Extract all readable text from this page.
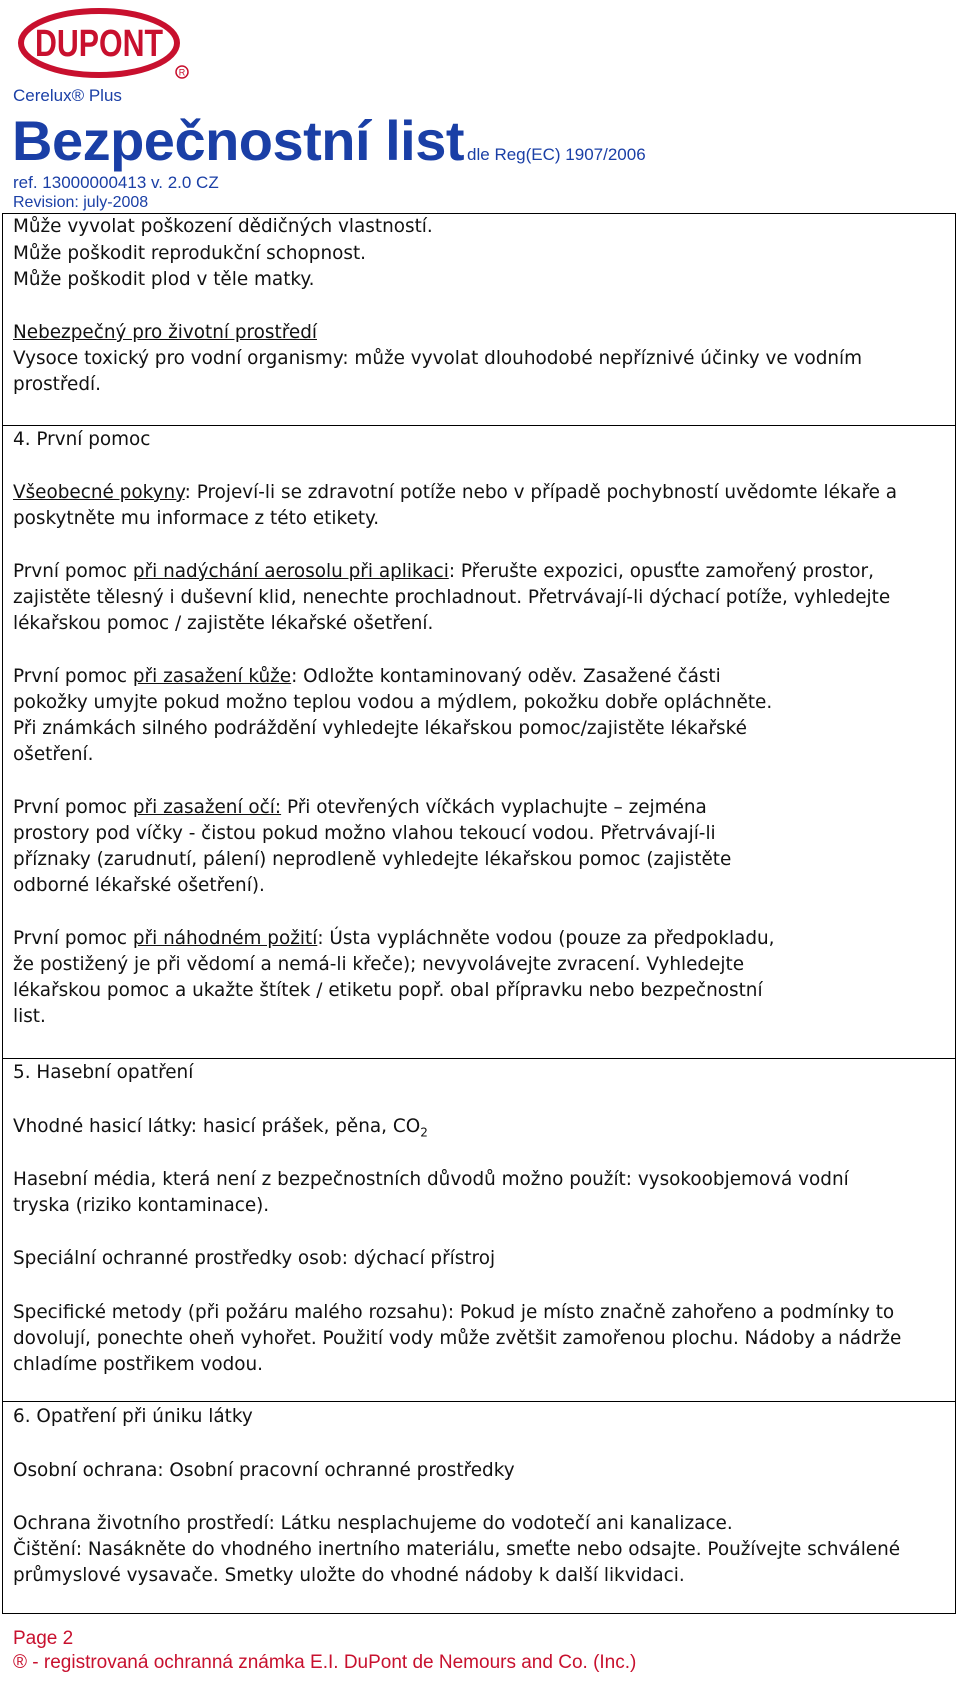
DUPONT
R
Cerelux® Plus
Bezpečnostní list dle Reg(EC) 1907/2006
ref. 13000000413 v. 2.0 CZ
Revision: july-2008
Může vyvolat poškození dědičných vlastností.
Může poškodit reprodukční schopnost.
Může poškodit plod v těle matky.
Nebezpečný pro životní prostředí
Vysoce toxický pro vodní organismy: může vyvolat dlouhodobé nepříznivé účinky ve vodním
prostředí.
4. První pomoc
Všeobecné pokyny: Projeví-li se zdravotní potíže nebo v případě pochybností uvědomte lékaře a
poskytněte mu informace z této etikety.
První pomoc při nadýchání aerosolu při aplikaci: Přerušte expozici, opusťte zamořený prostor,
zajistěte tělesný i duševní klid, nenechte prochladnout. Přetrvávají-li dýchací potíže, vyhledejte
lékařskou pomoc / zajistěte lékařské ošetření.
První pomoc při zasažení kůže: Odložte kontaminovaný oděv. Zasažené části
pokožky umyjte pokud možno teplou vodou a mýdlem, pokožku dobře opláchněte.
Při známkách silného podráždění vyhledejte lékařskou pomoc/zajistěte lékařské
ošetření.
První pomoc při zasažení očí: Při otevřených víčkách vyplachujte – zejména
prostory pod víčky - čistou pokud možno vlahou tekoucí vodou. Přetrvávají-li
příznaky (zarudnutí, pálení) neprodleně vyhledejte lékařskou pomoc (zajistěte
odborné lékařské ošetření).
První pomoc při náhodném požití: Ústa vypláchněte vodou (pouze za předpokladu,
že postižený je při vědomí a nemá-li křeče); nevyvolávejte zvracení. Vyhledejte
lékařskou pomoc a ukažte štítek / etiketu popř. obal přípravku nebo bezpečnostní
list.
5. Hasební opatření
Vhodné hasicí látky: hasicí prášek, pěna, $CO_2$
Hasební média, která není z bezpečnostních důvodů možno použít: vysokoobjemová vodní
tryska (riziko kontaminace).
Speciální ochranné prostředky osob: dýchací přístroj
Specifické metody (při požáru malého rozsahu): Pokud je místo značně zahořeno a podmínky to
dovolují, ponechte oheň vyhořet. Použití vody může zvětšit zamořenou plochu. Nádoby a nádrže
chladíme postřikem vodou.
6. Opatření při úniku látky
Osobní ochrana: Osobní pracovní ochranné prostředky
Ochrana životního prostředí: Látku nesplachujeme do vodotečí ani kanalizace.
Čištění: Nasákněte do vhodného inertního materiálu, smeťte nebo odsajte. Používejte schválené
průmyslové vysavače. Smetky uložte do vhodné nádoby k další likvidaci.
Page 2
® - registrovaná ochranná známka E.I. DuPont de Nemours and Co. (Inc.)
